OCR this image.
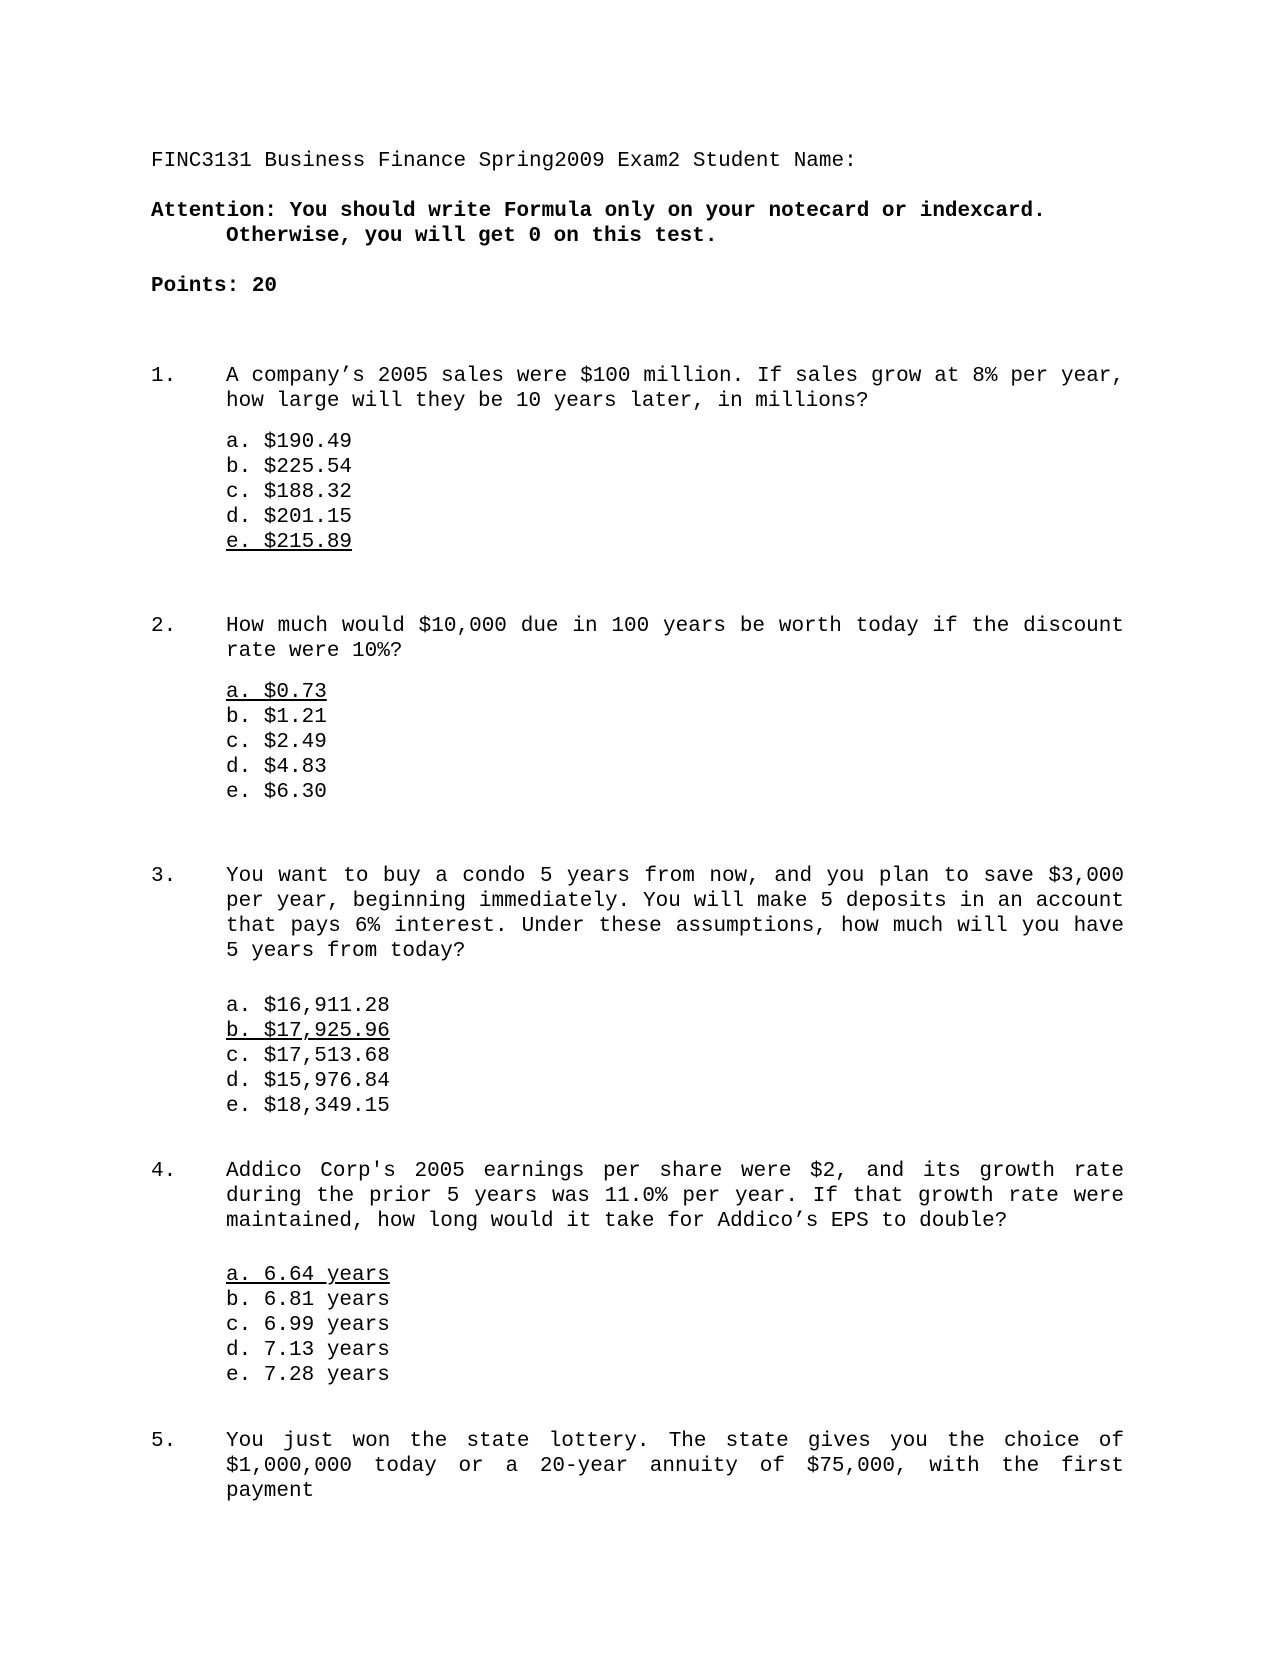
FINC3131 Business Finance Spring2009 Exam2 Student Name:
Attention: You should write Formula only on your notecard or indexcard.
Otherwise, you will get 0 on this test.
Points: 20
1. A company’s 2005 sales were $100 million. If sales grow at 8% per year, how large will they be 10 years later, in millions?
a. $190.49
b. $225.54
c. $188.32
d. $201.15
e. $215.89
2. How much would $10,000 due in 100 years be worth today if the discount rate were 10%?
a. $0.73
b. $1.21
c. $2.49
d. $4.83
e. $6.30
3. You want to buy a condo 5 years from now, and you plan to save $3,000 per year, beginning immediately. You will make 5 deposits in an account that pays 6% interest. Under these assumptions, how much will you have 5 years from today?
a. $16,911.28
b. $17,925.96
c. $17,513.68
d. $15,976.84
e. $18,349.15
4. Addico Corp's 2005 earnings per share were $2, and its growth rate during the prior 5 years was 11.0% per year. If that growth rate were maintained, how long would it take for Addico’s EPS to double?
a. 6.64 years
b. 6.81 years
c. 6.99 years
d. 7.13 years
e. 7.28 years
5. You just won the state lottery. The state gives you the choice of $1,000,000 today or a 20-year annuity of $75,000, with the first payment
